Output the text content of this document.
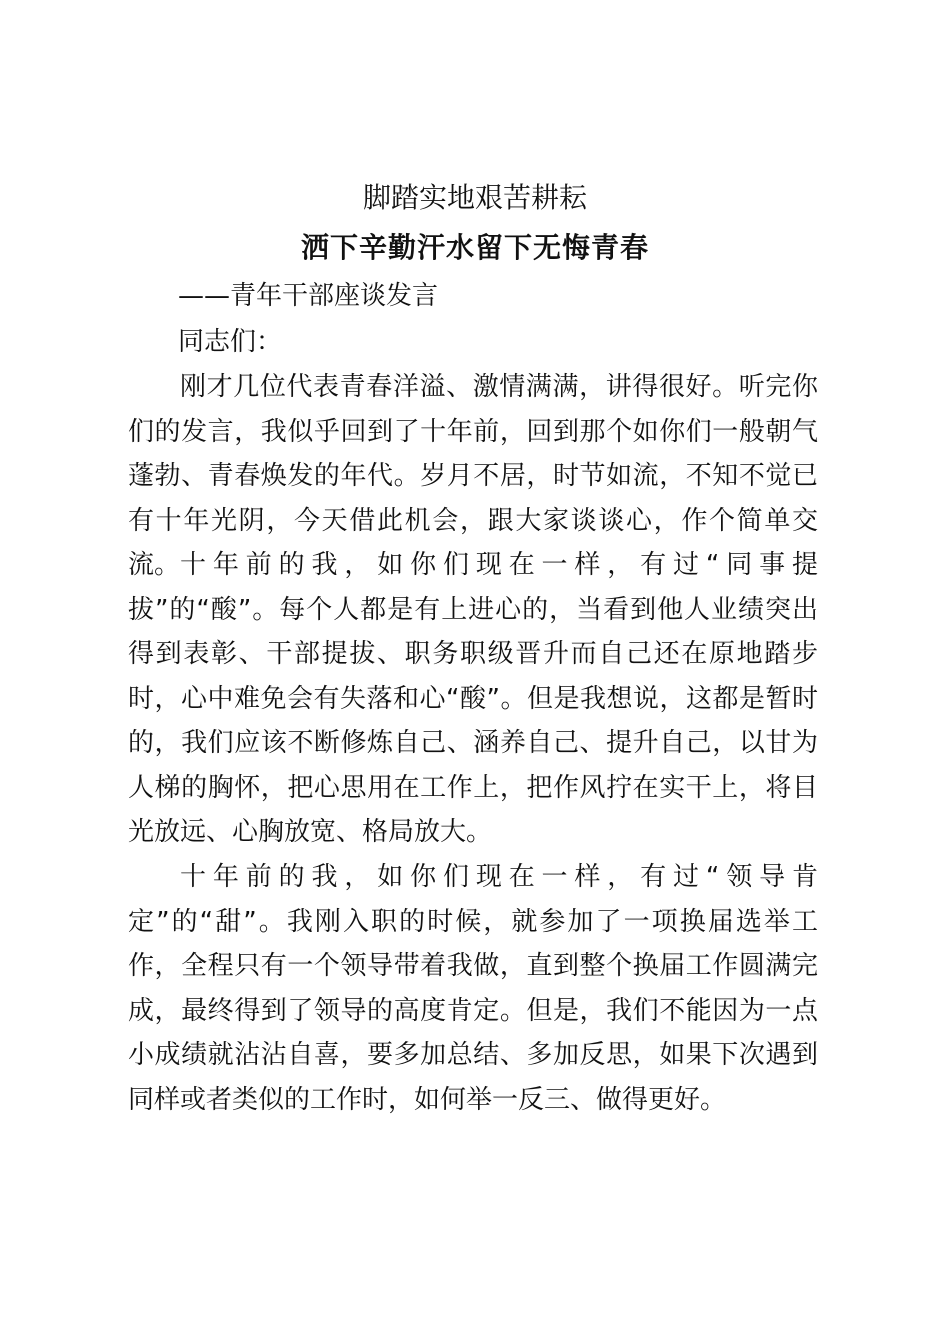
脚踏实地艰苦耕耘
洒下辛勤汗水留下无悔青春
——青年干部座谈发言
同志们：

刚才几位代表青春洋溢、激情满满，讲得很好。听完你们的发言，我似乎回到了十年前，回到那个如你们一般朝气蓬勃、青春焕发的年代。岁月不居，时节如流，不知不觉已有十年光阴，今天借此机会，跟大家谈谈心，作个简单交流。 十年前的我，如你们现在一样，有过“同事提拔”的“酸”。每个人都是有上进心的，当看到他人业绩突出得到表彰、干部提拔、职务职级晋升而自己还在原地踏步时，心中难免会有失落和心“酸”。但是我想说，这都是暂时的，我们应该不断修炼自己、涵养自己、提升自己，以甘为人梯的胸怀，把心思用在工作上，把作风拧在实干上，将目光放远、心胸放宽、格局放大。

十年前的我，如你们现在一样，有过“领导肯定”的“甜”。我刚入职的时候，就参加了一项换届选举工作，全程只有一个领导带着我做，直到整个换届工作圆满完成，最终得到了领导的高度肯定。但是，我们不能因为一点小成绩就沾沾自喜，要多加总结、多加反思，如果下次遇到同样或者类似的工作时，如何举一反三、做得更好。
